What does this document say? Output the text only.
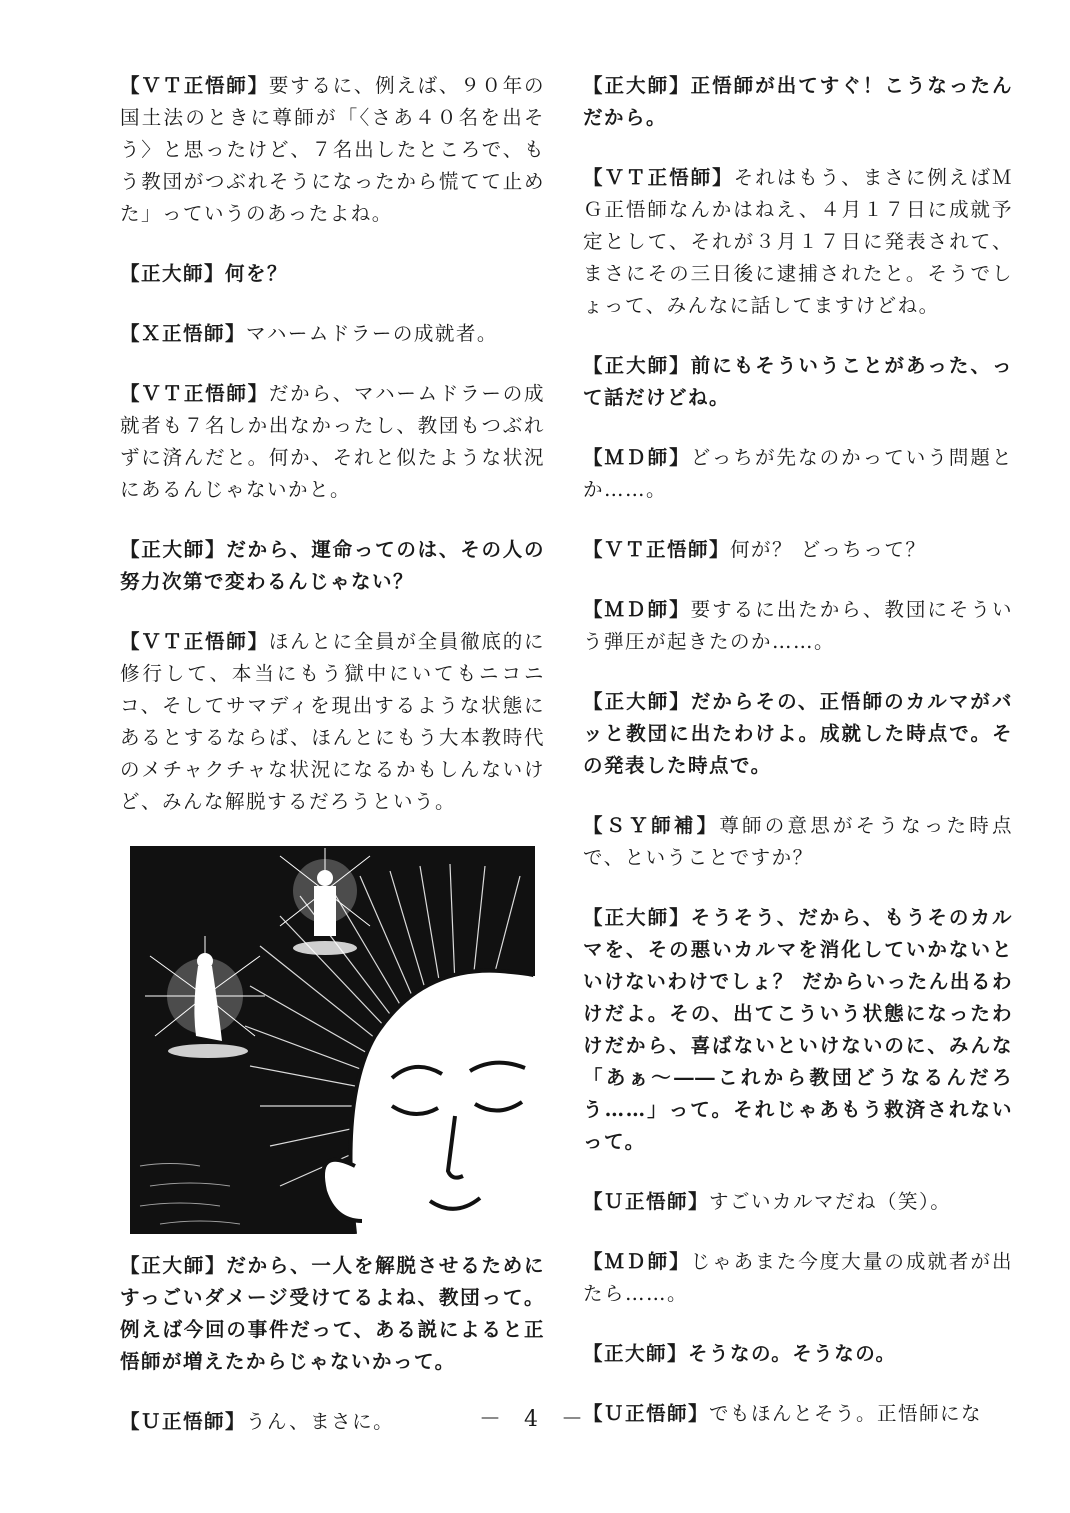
【ＶＴ正悟師】要するに、例えば、９０年の国土法のときに尊師が「〈さあ４０名を出そう〉と思ったけど、７名出したところで、もう教団がつぶれそうになったから慌てて止めた」っていうのあったよね。

【正大師】何を？

【Ｘ正悟師】マハームドラーの成就者。

【ＶＴ正悟師】だから、マハームドラーの成就者も７名しか出なかったし、教団もつぶれずに済んだと。何か、それと似たような状況にあるんじゃないかと。

【正大師】だから、運命ってのは、その人の努力次第で変わるんじゃない？

【ＶＴ正悟師】ほんとに全員が全員徹底的に修行して、本当にもう獄中にいてもニコニコ、そしてサマディを現出するような状態にあるとするならば、ほんとにもう大本教時代のメチャクチャな状況になるかもしんないけど、みんな解脱するだろうという。

【正大師】だから、一人を解脱させるためにすっごいダメージ受けてるよね、教団って。例えば今回の事件だって、ある説によると正悟師が増えたからじゃないかって。

【Ｕ正悟師】うん、まさに。

【正大師】正悟師が出てすぐ！こうなったんだから。

【ＶＴ正悟師】それはもう、まさに例えばＭＧ正悟師なんかはねえ、４月１７日に成就予定として、それが３月１７日に発表されて、まさにその三日後に逮捕されたと。そうでしょって、みんなに話してますけどね。

【正大師】前にもそういうことがあった、って話だけどね。

【ＭＤ師】どっちが先なのかっていう問題とか……。

【ＶＴ正悟師】何が？ どっちって？

【ＭＤ師】要するに出たから、教団にそういう弾圧が起きたのか……。

【正大師】だからその、正悟師のカルマがバッと教団に出たわけよ。成就した時点で。その発表した時点で。

【ＳＹ師補】尊師の意思がそうなった時点で、ということですか？

【正大師】そうそう、だから、もうそのカルマを、その悪いカルマを消化していかないといけないわけでしょ？ だからいったん出るわけだよ。その、出てこういう状態になったわけだから、喜ばないといけないのに、みんな「あぁ～――これから教団どうなるんだろう……」って。それじゃあもう救済されないって。

【Ｕ正悟師】すごいカルマだね（笑）。

【ＭＤ師】じゃあまた今度大量の成就者が出たら……。

【正大師】そうなの。そうなの。

【Ｕ正悟師】でもほんとそう。正悟師にな

－ 4 －
